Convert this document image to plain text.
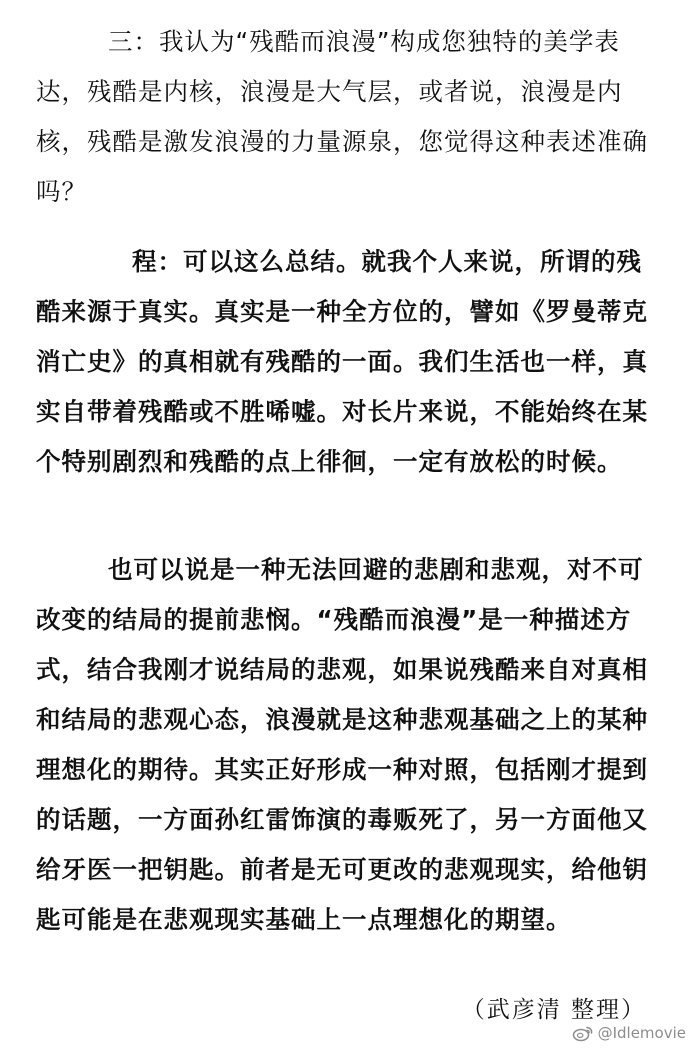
三：我认为“残酷而浪漫”构成您独特的美学表达，残酷是内核，浪漫是大气层，或者说，浪漫是内核，残酷是激发浪漫的力量源泉，您觉得这种表述准确吗？

程：可以这么总结。就我个人来说，所谓的残酷来源于真实。真实是一种全方位的，譬如《罗曼蒂克消亡史》的真相就有残酷的一面。我们生活也一样，真实自带着残酷或不胜唏嘘。对长片来说，不能始终在某个特别剧烈和残酷的点上徘徊，一定有放松的时候。

也可以说是一种无法回避的悲剧和悲观，对不可改变的结局的提前悲悯。“残酷而浪漫”是一种描述方式，结合我刚才说结局的悲观，如果说残酷来自对真相和结局的悲观心态，浪漫就是这种悲观基础之上的某种理想化的期待。其实正好形成一种对照，包括刚才提到的话题，一方面孙红雷饰演的毒贩死了，另一方面他又给牙医一把钥匙。前者是无可更改的悲观现实，给他钥匙可能是在悲观现实基础上一点理想化的期望。

（武彦清 整理）
@Idlemovie
